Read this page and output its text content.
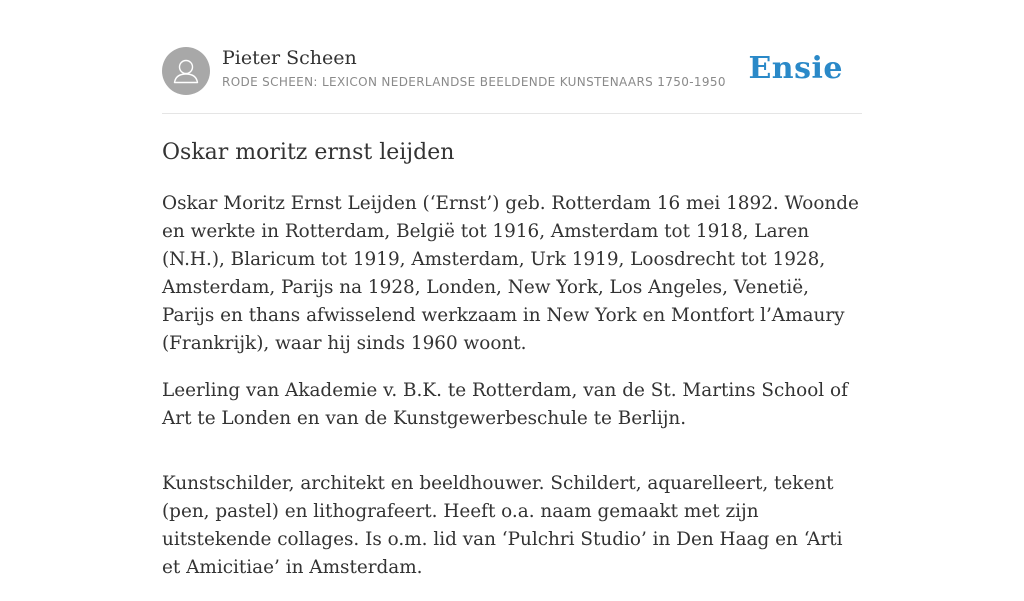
Pieter Scheen
RODE SCHEEN: LEXICON NEDERLANDSE BEELDENDE KUNSTENAARS 1750-1950 Ensie
Oskar moritz ernst leijden

Oskar Moritz Ernst Leijden (‘Ernst’) geb. Rotterdam 16 mei 1892. Woonde en werkte in Rotterdam, België tot 1916, Amsterdam tot 1918, Laren (N.H.), Blaricum tot 1919, Amsterdam, Urk 1919, Loosdrecht tot 1928, Amsterdam, Parijs na 1928, Londen, New York, Los Angeles, Venetië, Parijs en thans afwisselend werkzaam in New York en Montfort l’Amaury (Frankrijk), waar hij sinds 1960 woont.

Leerling van Akademie v. B.K. te Rotterdam, van de St. Martins School of Art te Londen en van de Kunstgewerbeschule te Berlijn.

Kunstschilder, architekt en beeldhouwer. Schildert, aquarelleert, tekent (pen, pastel) en lithografeert. Heeft o.a. naam gemaakt met zijn uitstekende collages. Is o.m. lid van ‘Pulchri Studio’ in Den Haag en ‘Arti et Amicitiae’ in Amsterdam.
